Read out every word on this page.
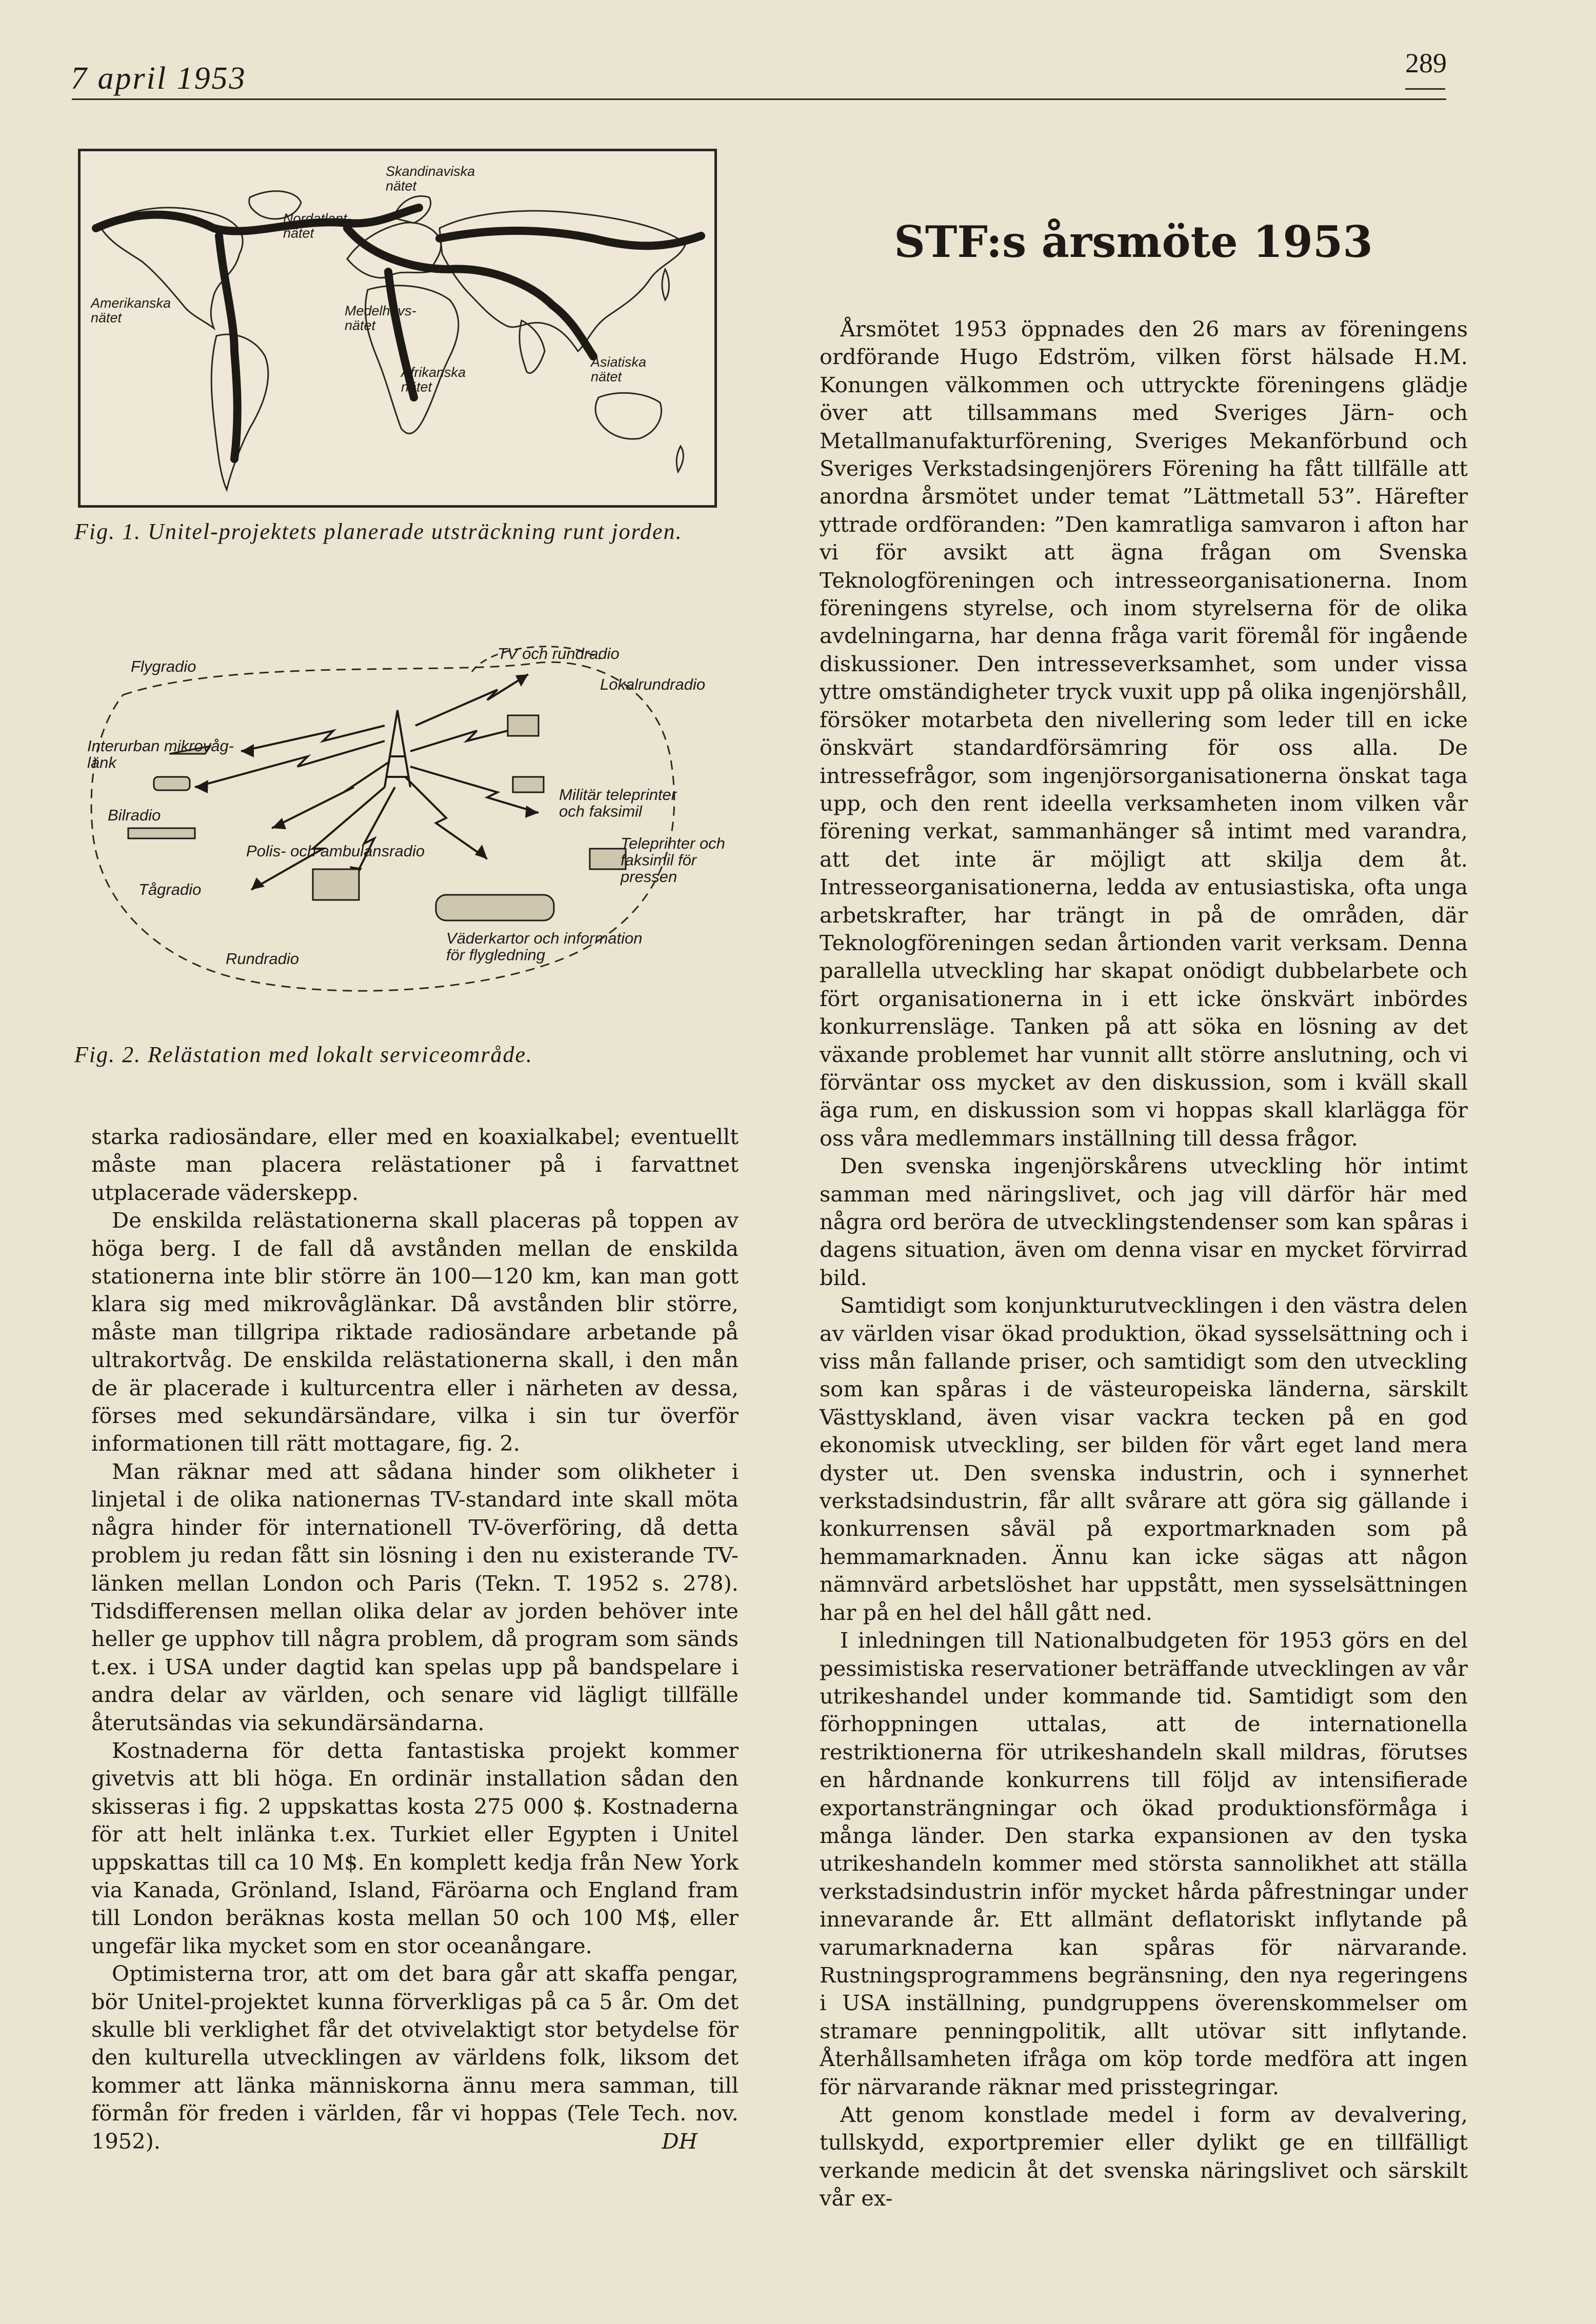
7 april 1953	289
Skandinaviska nätet
Nordatlant-nätet
Amerikanska nätet	Medelhavs-nätet
Afrikanska nätet
Asiatiska nätet
Fig. 1. Unitel-projektets planerade utsträckning runt jorden.
Flygradio
TV och rundradio
Lokalrundradio
Interurban mikrovåg-länk
Militär teleprinter och faksimil
Bilradio
Polis- och ambulansradio	Teleprinter och faksimil för pressen
Tågradio
Rundradio
Väderkartor och information för flygledning
Fig. 2. Relästation med lokalt serviceområde.

starka radiosändare, eller med en koaxialkabel; eventuellt måste man placera relästationer på i farvattnet utplacerade väderskepp.

De enskilda relästationerna skall placeras på toppen av höga berg. I de fall då avstånden mellan de enskilda stationerna inte blir större än 100—120 km, kan man gott klara sig med mikrovåglänkar. Då avstånden blir större, måste man tillgripa riktade radiosändare arbetande på ultrakortvåg. De enskilda relästationerna skall, i den mån de är placerade i kulturcentra eller i närheten av dessa, förses med sekundärsändare, vilka i sin tur överför informationen till rätt mottagare, fig. 2.

Man räknar med att sådana hinder som olikheter i linjetal i de olika nationernas TV-standard inte skall möta några hinder för internationell TV-överföring, då detta problem ju redan fått sin lösning i den nu existerande TV-länken mellan London och Paris (Tekn. T. 1952 s. 278). Tidsdifferensen mellan olika delar av jorden behöver inte heller ge upphov till några problem, då program som sänds t.ex. i USA under dagtid kan spelas upp på bandspelare i andra delar av världen, och senare vid lägligt tillfälle återutsändas via sekundärsändarna.

Kostnaderna för detta fantastiska projekt kommer givetvis att bli höga. En ordinär installation sådan den skisseras i fig. 2 uppskattas kosta 275 000 $. Kostnaderna för att helt inlänka t.ex. Turkiet eller Egypten i Unitel uppskattas till ca 10 M$. En komplett kedja från New York via Kanada, Grönland, Island, Färöarna och England fram till London beräknas kosta mellan 50 och 100 M$, eller ungefär lika mycket som en stor oceanångare.

Optimisterna tror, att om det bara går att skaffa pengar, bör Unitel-projektet kunna förverkligas på ca 5 år. Om det skulle bli verklighet får det otvivelaktigt stor betydelse för den kulturella utvecklingen av världens folk, liksom det kommer att länka människorna ännu mera samman, till förmån för freden i världen, får vi hoppas (Tele Tech. nov. 1952).	DH
STF:s årsmöte 1953

Årsmötet 1953 öppnades den 26 mars av föreningens ordförande Hugo Edström, vilken först hälsade H.M. Konungen välkommen och uttryckte föreningens glädje över att tillsammans med Sveriges Järn- och Metallmanufakturförening, Sveriges Mekanförbund och Sveriges Verkstadsingenjörers Förening ha fått tillfälle att anordna årsmötet under temat ”Lättmetall 53”. Härefter yttrade ordföranden: ”Den kamratliga samvaron i afton har vi för avsikt att ägna frågan om Svenska Teknologföreningen och intresseorganisationerna. Inom föreningens styrelse, och inom styrelserna för de olika avdelningarna, har denna fråga varit föremål för ingående diskussioner. Den intresseverksamhet, som under vissa yttre omständigheter tryck vuxit upp på olika ingenjörshåll, försöker motarbeta den nivellering som leder till en icke önskvärt standardförsämring för oss alla. De intressefrågor, som ingenjörsorganisationerna önskat taga upp, och den rent ideella verksamheten inom vilken vår förening verkat, sammanhänger så intimt med varandra, att det inte är möjligt att skilja dem åt. Intresseorganisationerna, ledda av entusiastiska, ofta unga arbetskrafter, har trängt in på de områden, där Teknologföreningen sedan årtionden varit verksam. Denna parallella utveckling har skapat onödigt dubbelarbete och fört organisationerna in i ett icke önskvärt inbördes konkurrensläge. Tanken på att söka en lösning av det växande problemet har vunnit allt större anslutning, och vi förväntar oss mycket av den diskussion, som i kväll skall äga rum, en diskussion som vi hoppas skall klarlägga för oss våra medlemmars inställning till dessa frågor.

Den svenska ingenjörskårens utveckling hör intimt samman med näringslivet, och jag vill därför här med några ord beröra de utvecklingstendenser som kan spåras i dagens situation, även om denna visar en mycket förvirrad bild.

Samtidigt som konjunkturutvecklingen i den västra delen av världen visar ökad produktion, ökad sysselsättning och i viss mån fallande priser, och samtidigt som den utveckling som kan spåras i de västeuropeiska länderna, särskilt Västtyskland, även visar vackra tecken på en god ekonomisk utveckling, ser bilden för vårt eget land mera dyster ut. Den svenska industrin, och i synnerhet verkstadsindustrin, får allt svårare att göra sig gällande i konkurrensen såväl på exportmarknaden som på hemmamarknaden. Ännu kan icke sägas att någon nämnvärd arbetslöshet har uppstått, men sysselsättningen har på en hel del håll gått ned.

I inledningen till Nationalbudgeten för 1953 görs en del pessimistiska reservationer beträffande utvecklingen av vår utrikeshandel under kommande tid. Samtidigt som den förhoppningen uttalas, att de internationella restriktionerna för utrikeshandeln skall mildras, förutses en hårdnande konkurrens till följd av intensifierade exportansträngningar och ökad produktionsförmåga i många länder. Den starka expansionen av den tyska utrikeshandeln kommer med största sannolikhet att ställa verkstadsindustrin inför mycket hårda påfrestningar under innevarande år. Ett allmänt deflatoriskt inflytande på varumarknaderna kan spåras för närvarande. Rustningsprogrammens begränsning, den nya regeringens i USA inställning, pundgruppens överenskommelser om stramare penningpolitik, allt utövar sitt inflytande. Återhållsamheten ifråga om köp torde medföra att ingen för närvarande räknar med prisstegringar.

Att genom konstlade medel i form av devalvering, tullskydd, exportpremier eller dylikt ge en tillfälligt verkande medicin åt det svenska näringslivet och särskilt vår ex-
